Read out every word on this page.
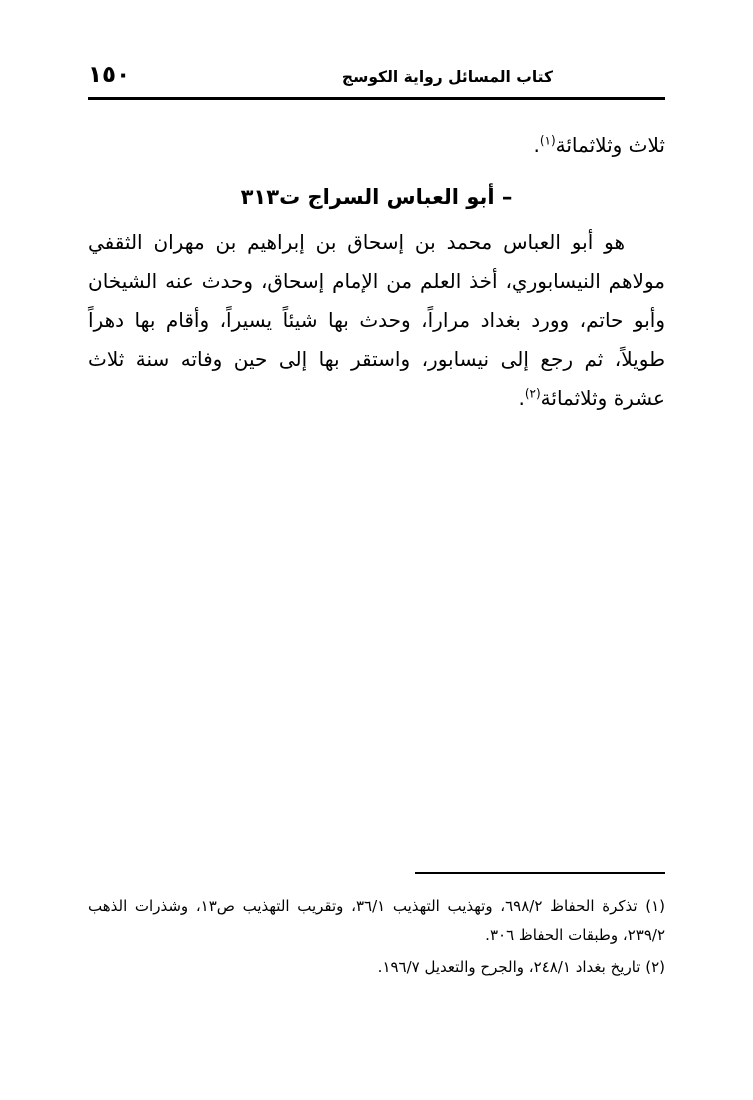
كتاب المسائل رواية الكوسج
١٥٠

ثلاث وثلاثمائة$^{(١)}$.

– أبو العباس السراج ت٣١٣

هو أبو العباس محمد بن إسحاق بن إبراهيم بن مهران الثقفي مولاهم النيسابوري، أخذ العلم من الإمام إسحاق، وحدث عنه الشيخان وأبو حاتم، وورد بغداد مراراً، وحدث بها شيئاً يسيراً، وأقام بها دهراً طويلاً، ثم رجع إلى نيسابور، واستقر بها إلى حين وفاته سنة ثلاث عشرة وثلاثمائة$^{(٢)}$.

(١) تذكرة الحفاظ ٦٩٨/٢، وتهذيب التهذيب ٣٦/١، وتقريب التهذيب ص١٣، وشذرات الذهب ٢٣٩/٢، وطبقات الحفاظ ٣٠٦.

(٢) تاريخ بغداد ٢٤٨/١، والجرح والتعديل ١٩٦/٧.
